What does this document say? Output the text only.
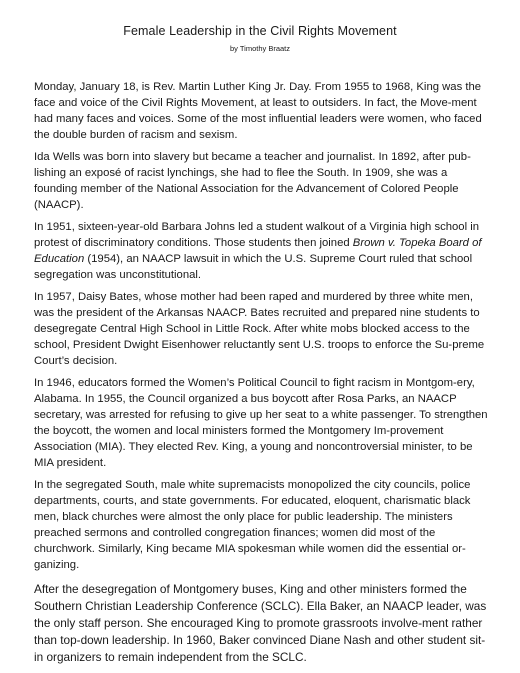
Female Leadership in the Civil Rights Movement
by Timothy Braatz

Monday, January 18, is Rev. Martin Luther King Jr. Day. From 1955 to 1968, King was the face and voice of the Civil Rights Movement, at least to outsiders. In fact, the Move-ment had many faces and voices. Some of the most influential leaders were women, who faced the double burden of racism and sexism.

Ida Wells was born into slavery but became a teacher and journalist. In 1892, after pub-lishing an exposé of racist lynchings, she had to flee the South. In 1909, she was a founding member of the National Association for the Advancement of Colored People (NAACP).

In 1951, sixteen-year-old Barbara Johns led a student walkout of a Virginia high school in protest of discriminatory conditions. Those students then joined Brown v. Topeka Board of Education (1954), an NAACP lawsuit in which the U.S. Supreme Court ruled that school segregation was unconstitutional.

In 1957, Daisy Bates, whose mother had been raped and murdered by three white men, was the president of the Arkansas NAACP. Bates recruited and prepared nine students to desegregate Central High School in Little Rock. After white mobs blocked access to the school, President Dwight Eisenhower reluctantly sent U.S. troops to enforce the Su-preme Court’s decision.

In 1946, educators formed the Women’s Political Council to fight racism in Montgom-ery, Alabama. In 1955, the Council organized a bus boycott after Rosa Parks, an NAACP secretary, was arrested for refusing to give up her seat to a white passenger. To strengthen the boycott, the women and local ministers formed the Montgomery Im-provement Association (MIA). They elected Rev. King, a young and noncontroversial minister, to be MIA president.

In the segregated South, male white supremacists monopolized the city councils, police departments, courts, and state governments. For educated, eloquent, charismatic black men, black churches were almost the only place for public leadership. The ministers preached sermons and controlled congregation finances; women did most of the churchwork. Similarly, King became MIA spokesman while women did the essential or-ganizing.

After the desegregation of Montgomery buses, King and other ministers formed the Southern Christian Leadership Conference (SCLC). Ella Baker, an NAACP leader, was the only staff person. She encouraged King to promote grassroots involve-ment rather than top-down leadership. In 1960, Baker convinced Diane Nash and other student sit-in organizers to remain independent from the SCLC.
